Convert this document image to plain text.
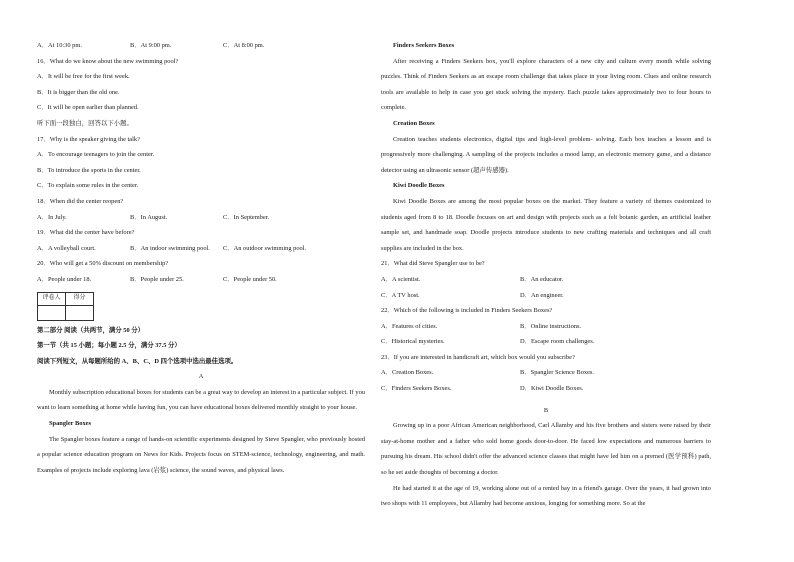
A．At 10:30 pm.	B．At 9:00 pm.	C．At 8:00 pm.
16．What do we know about the new swimming pool?
A．It will be free for the first week.
B．It is bigger than the old one.
C．It will be open earlier than planned.
听下面一段独白，回答以下小题。
17．Why is the speaker giving the talk?
A．To encourage teenagers to join the center.
B．To introduce the sports in the center.
C．To explain some rules in the center.
18．When did the center reopen?
A．In July.	B．In August.	C．In September.
19．What did the center have before?
A．A volleyball court.	B．An indoor swimming pool.	C．An outdoor swimming pool.
20．Who will get a 50% discount on membership?
A．People under 18.	B．People under 25.	C．People under 50.
评卷人	得分

第二部分 阅读（共两节，满分 50 分）
第一节（共 15 小题；每小题 2.5 分，满分 37.5 分）
阅读下列短文，从每题所给的 A、B、C、D 四个选项中选出最佳选项。
A
Monthly subscription educational boxes for students can be a great way to develop an interest in a particular subject. If you want to learn something at home while having fun, you can have educational boxes delivered monthly straight to your house.
Spangler Boxes
The Spangler boxes feature a range of hands-on scientific experiments designed by Steve Spangler, who previously hosted a popular science education program on News for Kids. Projects focus on STEM-science, technology, engineering, and math. Examples of projects include exploring lava (岩浆) science, the sound waves, and physical laws.
Finders Seekers Boxes
After receiving a Finders Seekers box, you'll explore characters of a new city and culture every month while solving puzzles. Think of Finders Seekers as an escape room challenge that takes place in your living room. Clues and online research tools are available to help in case you get stuck solving the mystery. Each puzzle takes approximately two to four hours to complete.
Creation Boxes
Creation teaches students electronics, digital tips and high-level problem- solving. Each box teaches a lesson and is progressively more challenging. A sampling of the projects includes a mood lamp, an electronic memory game, and a distance detector using an ultrasonic sensor (超声传感器).
Kiwi Doodle Boxes
Kiwi Doodle Boxes are among the most popular boxes on the market. They feature a variety of themes customized to students aged from 8 to 18. Doodle focuses on art and design with projects such as a felt botanic garden, an artificial leather sample set, and handmade soap. Doodle projects introduce students to new crafting materials and techniques and all craft supplies are included in the box.
21．What did Steve Spangler use to be?
A．A scientist.	B．An educator.
C．A TV host.	D．An engineer.
22．Which of the following is included in Finders Seekers Boxes?
A．Features of cities.	B．Online instructions.
C．Historical mysteries.	D．Escape room challenges.
23．If you are interested in handicraft art, which box would you subscribe?
A．Creation Boxes.	B．Spangler Science Boxes.
C．Finders Seekers Boxes.	D．Kiwi Doodle Boxes.
B
Growing up in a poor African American neighborhood, Carl Allamby and his five brothers and sisters were raised by their stay-at-home mother and a father who sold home goods door-to-door. He faced low expectations and numerous barriers to pursuing his dream. His school didn't offer the advanced science classes that might have led him on a premed (医学预科) path, so he set aside thoughts of becoming a doctor.
He had started it at the age of 19, working alone out of a rented bay in a friend's garage. Over the years, it had grown into two shops with 11 employees, but Allamby had become anxious, longing for something more. So at the
